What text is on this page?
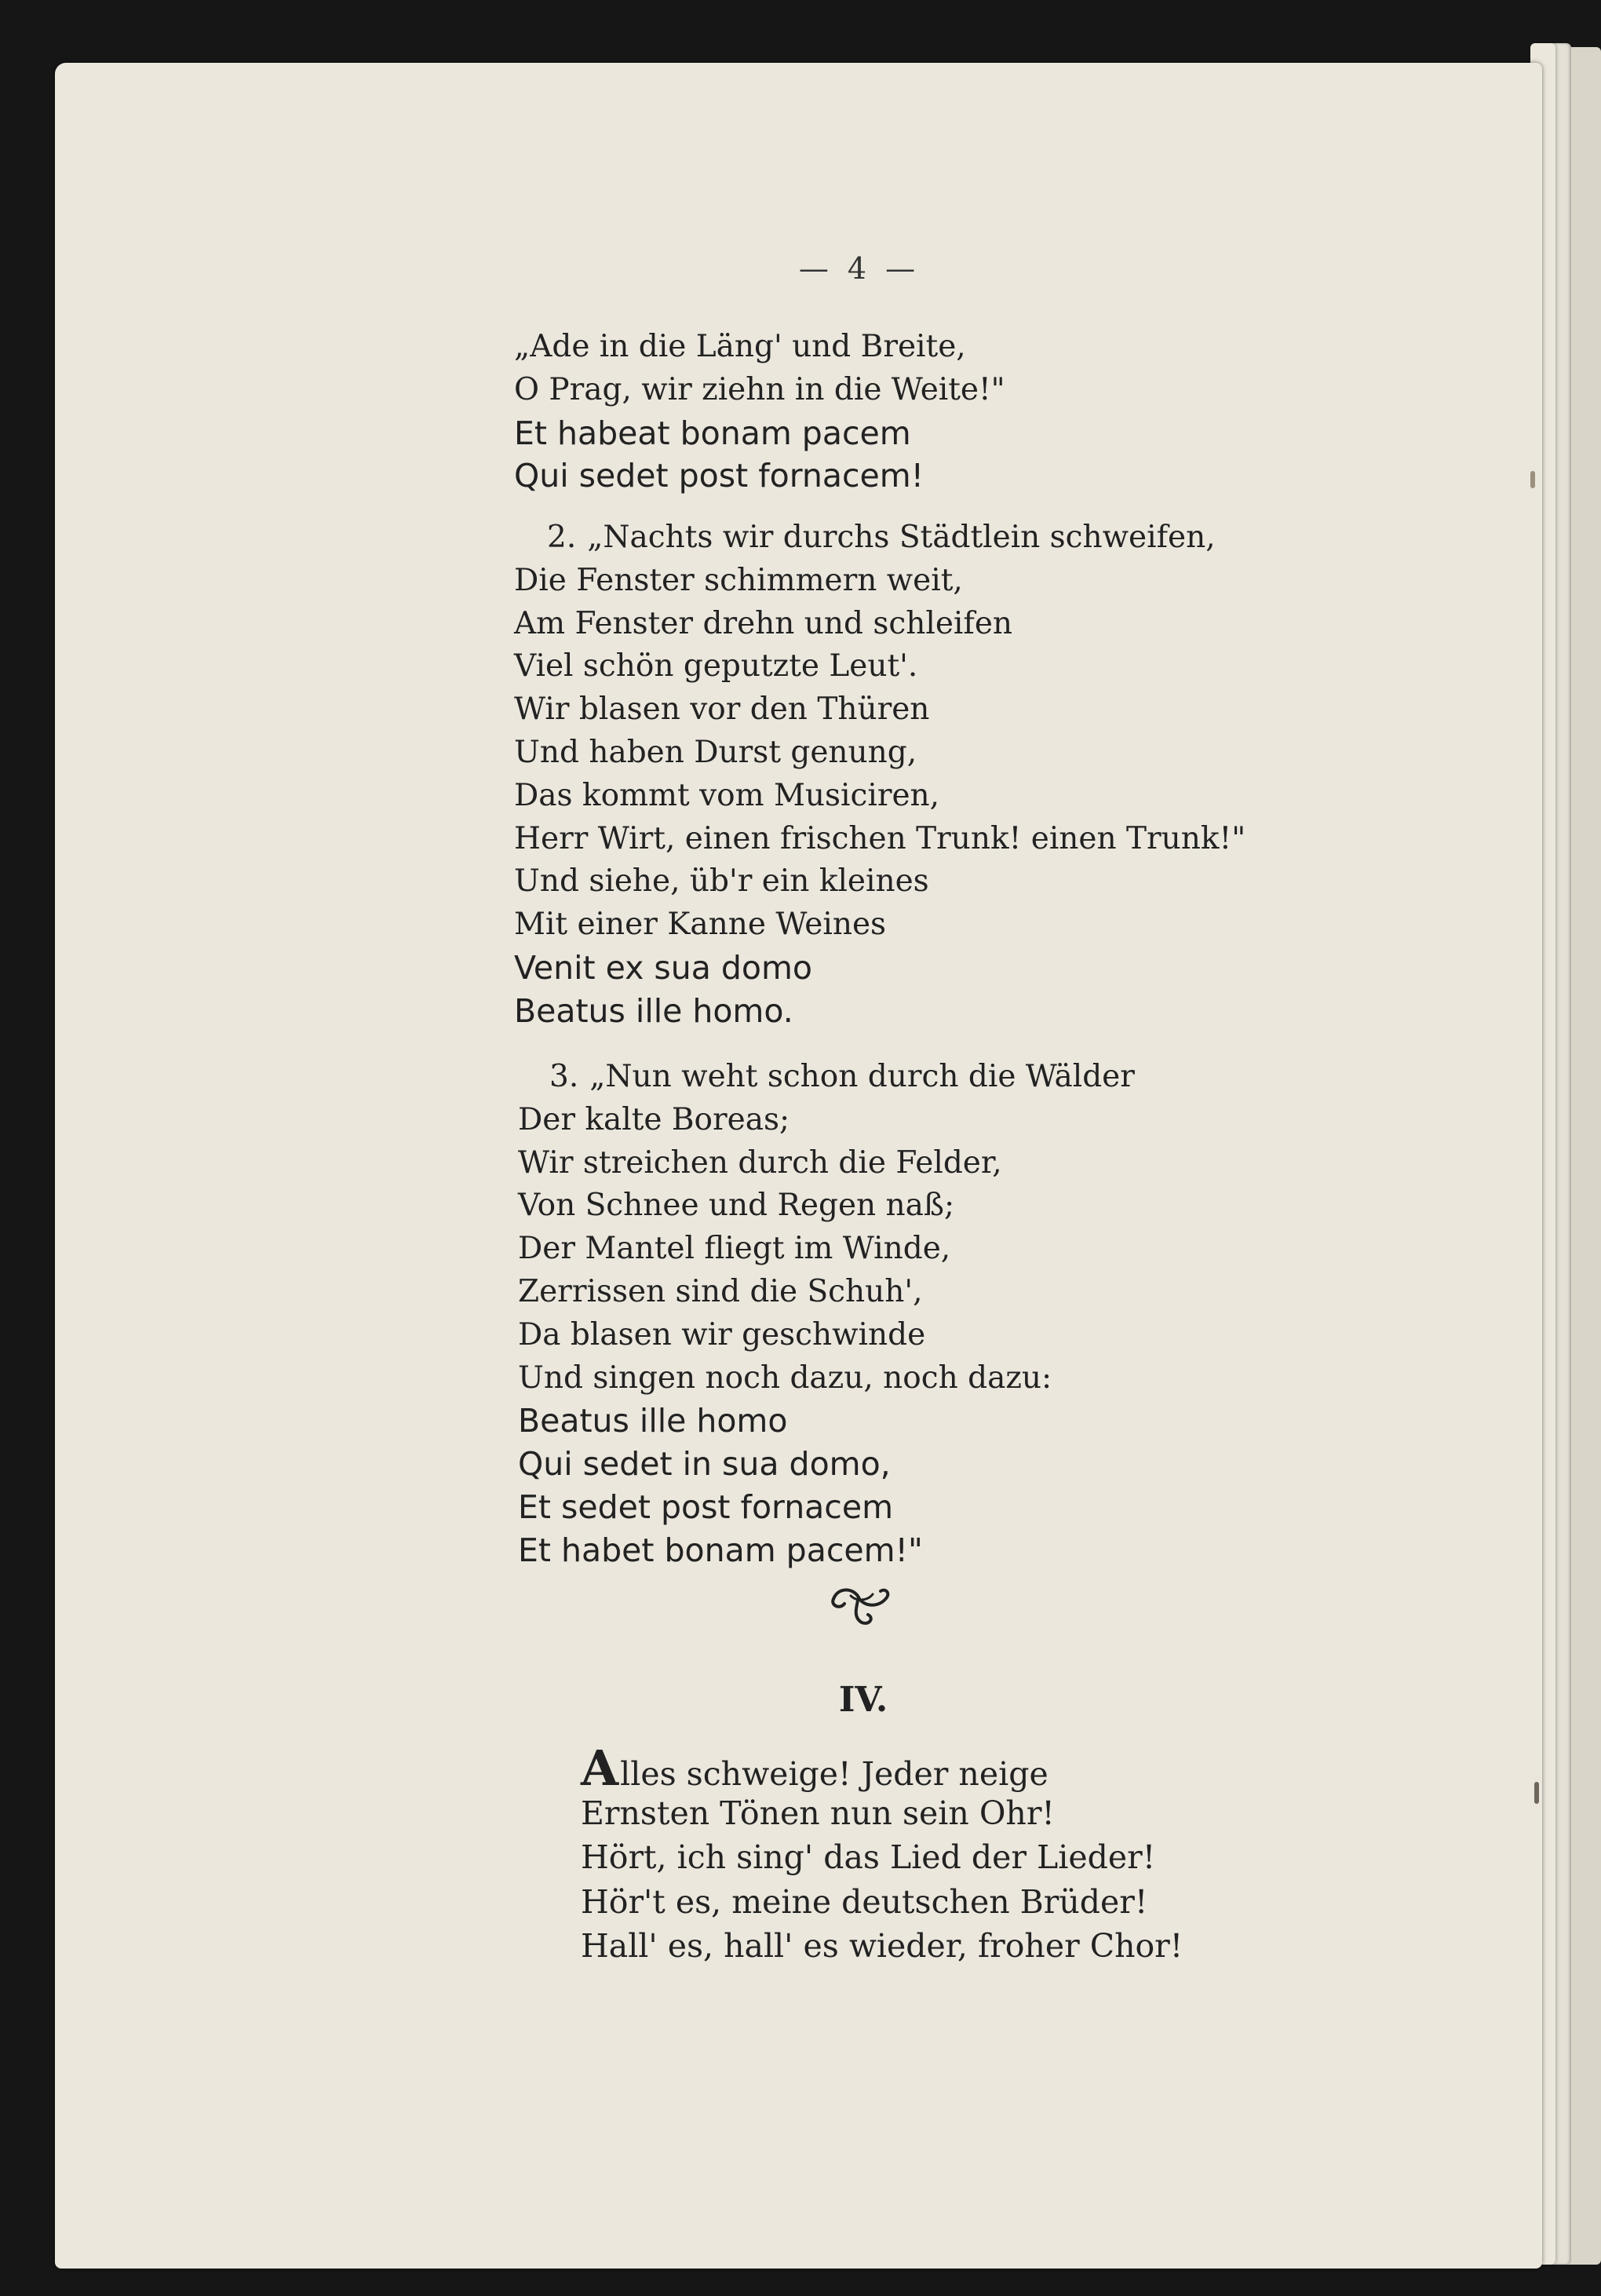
— 4 —
„Ade in die Läng' und Breite,
O Prag, wir ziehn in die Weite!"
Et habeat bonam pacem
Qui sedet post fornacem!
2. „Nachts wir durchs Städtlein schweifen,
Die Fenster schimmern weit,
Am Fenster drehn und schleifen
Viel schön geputzte Leut'.
Wir blasen vor den Thüren
Und haben Durst genung,
Das kommt vom Musiciren,
Herr Wirt, einen frischen Trunk! einen Trunk!"
Und siehe, üb'r ein kleines
Mit einer Kanne Weines
Venit ex sua domo
Beatus ille homo.
3. „Nun weht schon durch die Wälder
Der kalte Boreas;
Wir streichen durch die Felder,
Von Schnee und Regen naß;
Der Mantel fliegt im Winde,
Zerrissen sind die Schuh',
Da blasen wir geschwinde
Und singen noch dazu, noch dazu:
Beatus ille homo
Qui sedet in sua domo,
Et sedet post fornacem
Et habet bonam pacem!"
IV.
Alles schweige! Jeder neige
Ernsten Tönen nun sein Ohr!
Hört, ich sing' das Lied der Lieder!
Hör't es, meine deutschen Brüder!
Hall' es, hall' es wieder, froher Chor!
